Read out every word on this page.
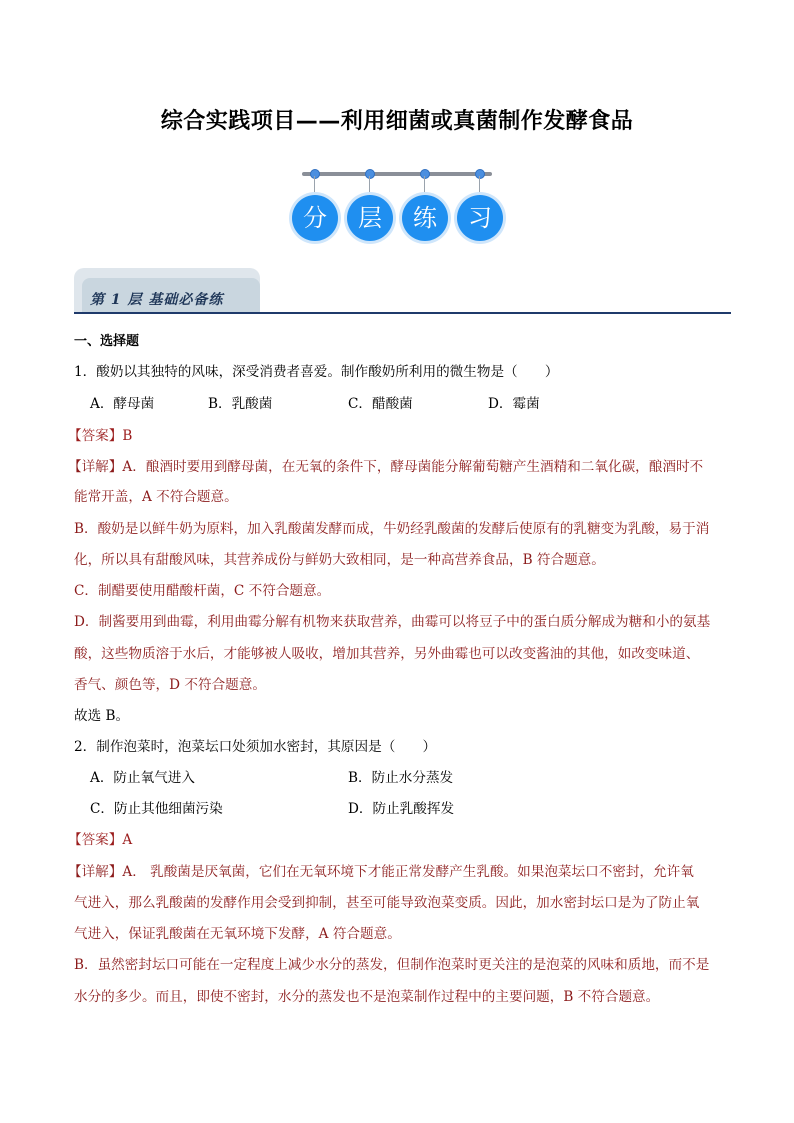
综合实践项目——利用细菌或真菌制作发酵食品
分	层	练	习
第 1 层 基础必备练
一、选择题
1．酸奶以其独特的风味，深受消费者喜爱。制作酸奶所利用的微生物是（　　）
A．酵母菌	B．乳酸菌	C．醋酸菌	D．霉菌
【答案】B
【详解】A．酿酒时要用到酵母菌，在无氧的条件下，酵母菌能分解葡萄糖产生酒精和二氧化碳，酿酒时不
能常开盖，A 不符合题意。
B．酸奶是以鲜牛奶为原料，加入乳酸菌发酵而成，牛奶经乳酸菌的发酵后使原有的乳糖变为乳酸，易于消
化，所以具有甜酸风味，其营养成份与鲜奶大致相同，是一种高营养食品，B 符合题意。
C．制醋要使用醋酸杆菌，C 不符合题意。
D．制酱要用到曲霉，利用曲霉分解有机物来获取营养，曲霉可以将豆子中的蛋白质分解成为糖和小的氨基
酸，这些物质溶于水后，才能够被人吸收，增加其营养，另外曲霉也可以改变酱油的其他，如改变味道、
香气、颜色等，D 不符合题意。
故选 B。
2．制作泡菜时，泡菜坛口处须加水密封，其原因是（　　）
A．防止氧气进入	B．防止水分蒸发
C．防止其他细菌污染	D．防止乳酸挥发
【答案】A
【详解】A． 乳酸菌是厌氧菌，它们在无氧环境下才能正常发酵产生乳酸。如果泡菜坛口不密封，允许氧
气进入，那么乳酸菌的发酵作用会受到抑制，甚至可能导致泡菜变质。因此，加水密封坛口是为了防止氧
气进入，保证乳酸菌在无氧环境下发酵，A 符合题意。
B．虽然密封坛口可能在一定程度上减少水分的蒸发，但制作泡菜时更关注的是泡菜的风味和质地，而不是
水分的多少。而且，即使不密封，水分的蒸发也不是泡菜制作过程中的主要问题，B 不符合题意。
